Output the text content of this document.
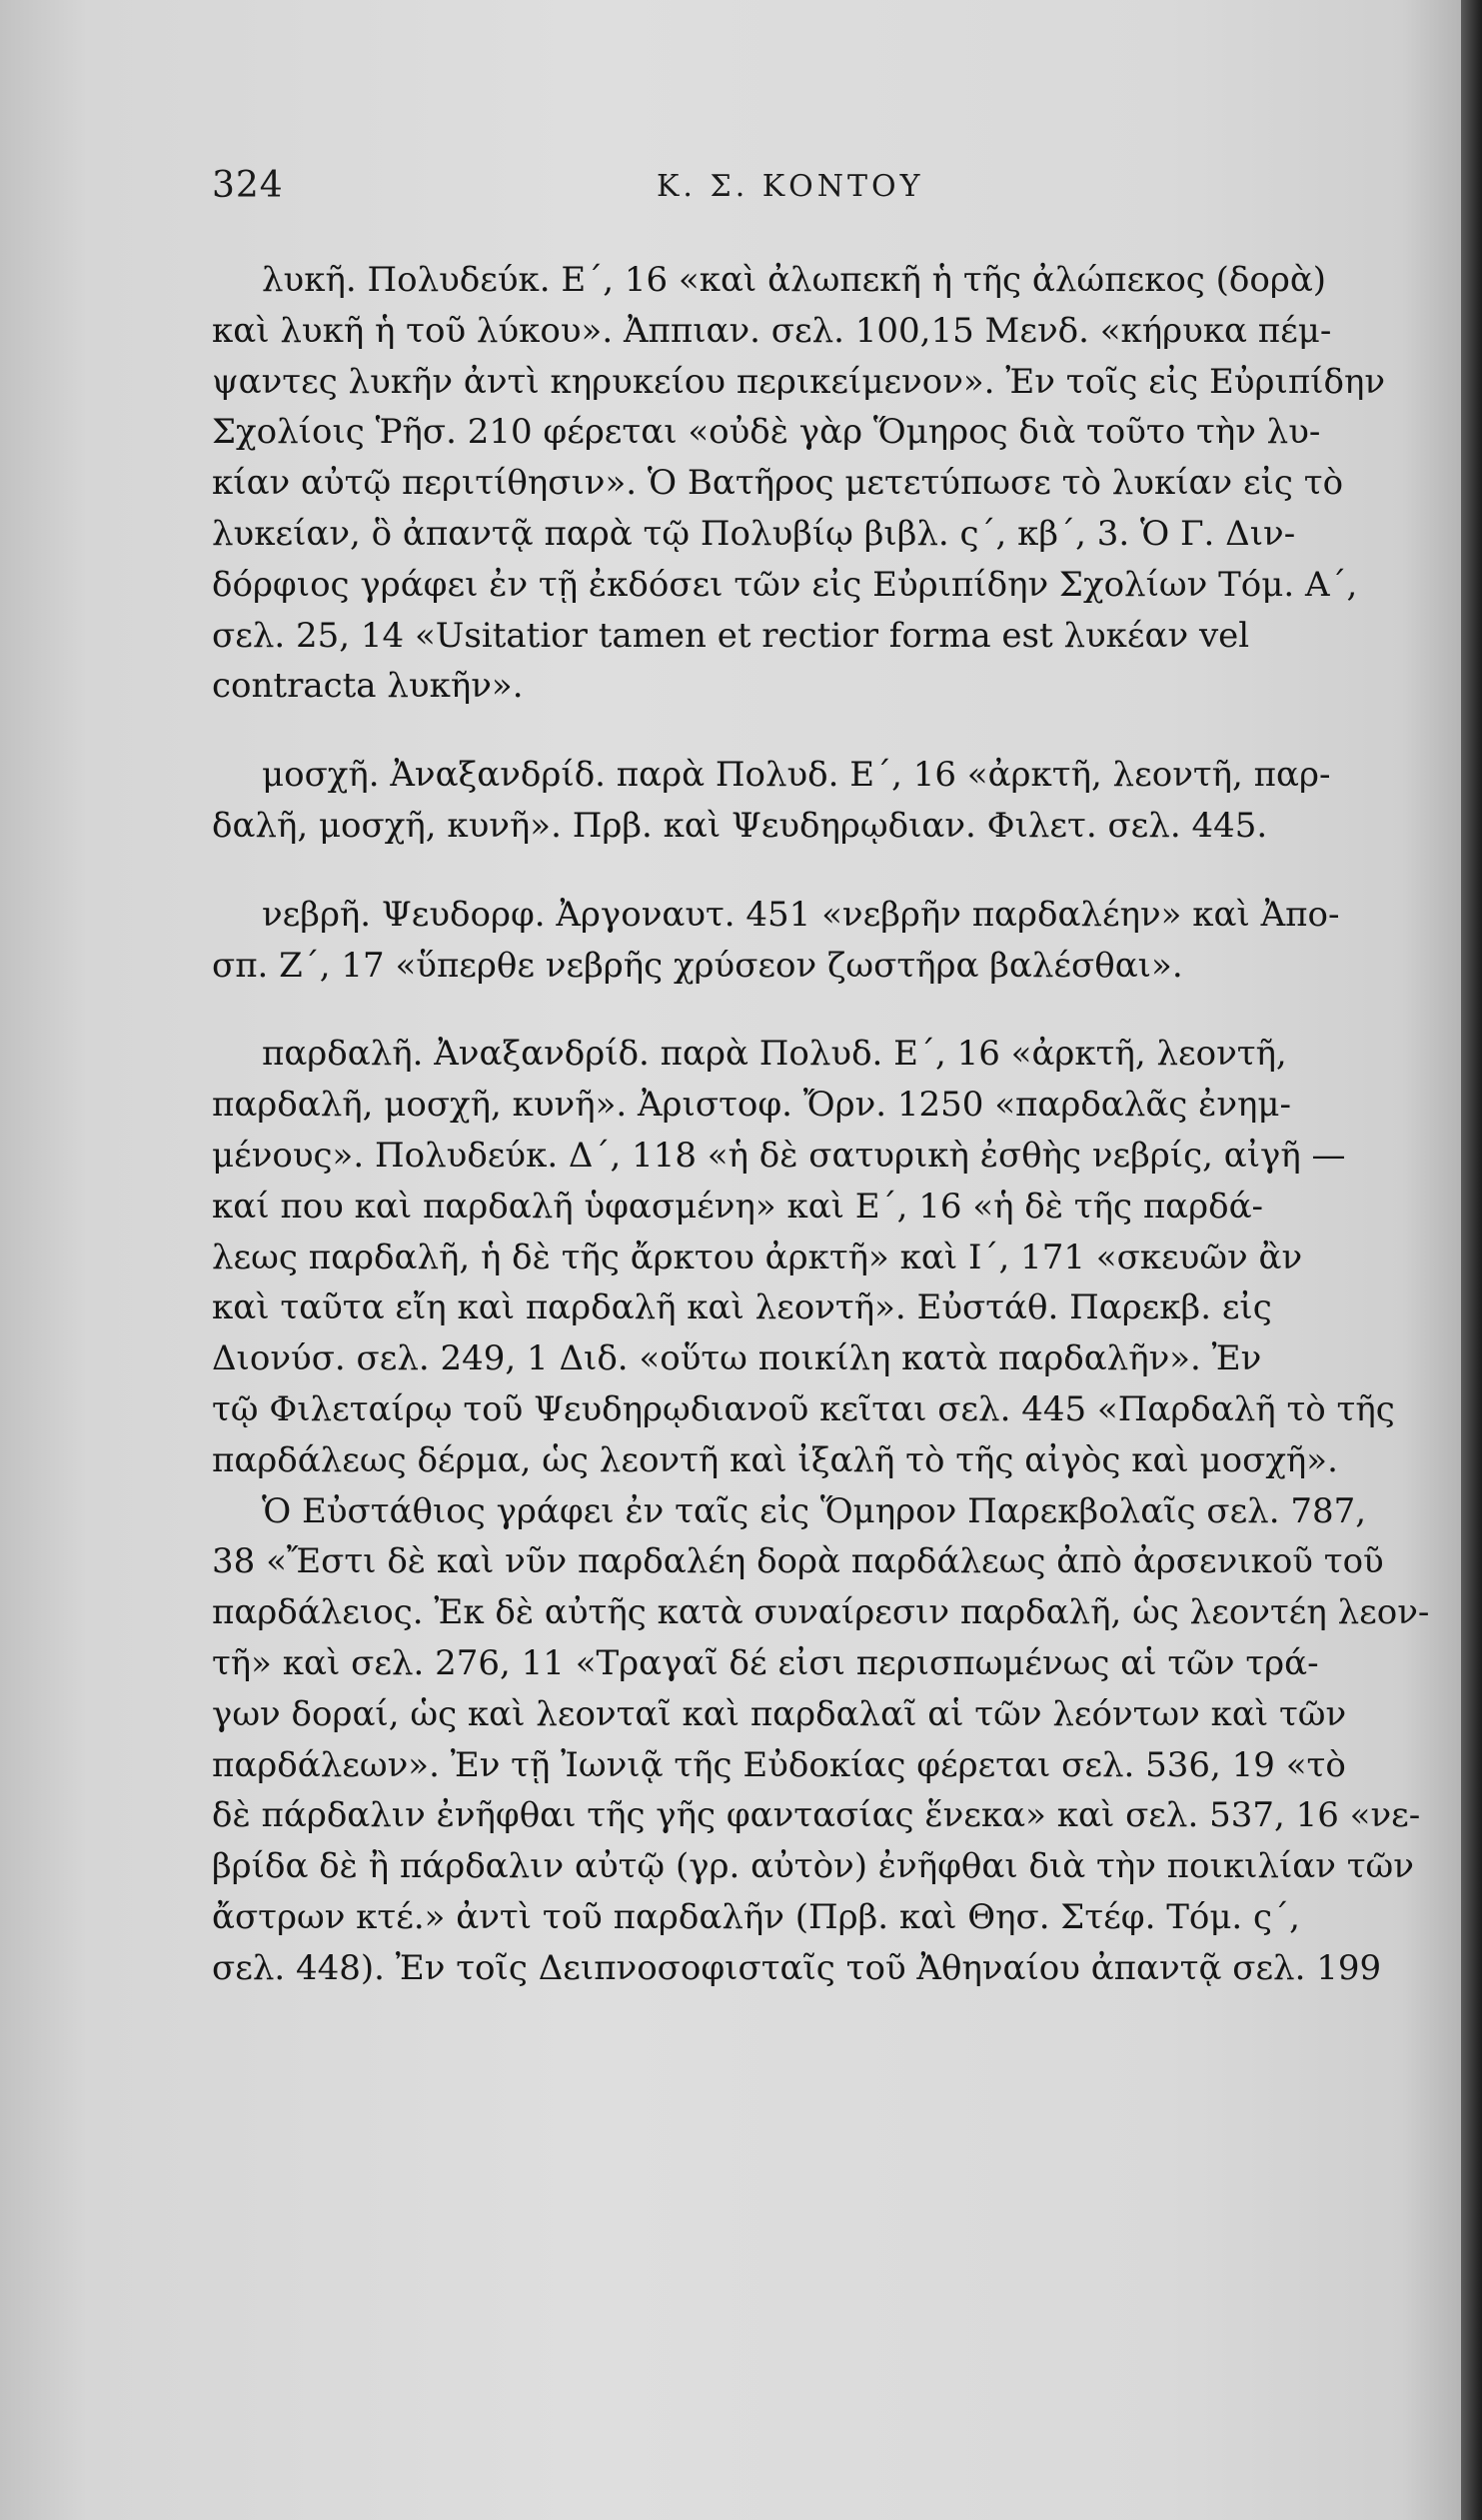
324	Κ. Σ. ΚΟΝΤΟΥ

λυκῆ. Πολυδεύκ. Ε΄, 16 «καὶ ἀλωπεκῆ ἡ τῆς ἀλώπεκος (δορὰ)
καὶ λυκῆ ἡ τοῦ λύκου». Ἀππιαν. σελ. 100,15 Μενδ. «κήρυκα πέμ-
ψαντες λυκῆν ἀντὶ κηρυκείου περικείμενον». Ἐν τοῖς εἰς Εὐριπίδην
Σχολίοις Ῥῆσ. 210 φέρεται «οὐδὲ γὰρ Ὅμηρος διὰ τοῦτο τὴν λυ-
κίαν αὐτῷ περιτίθησιν». Ὁ Βατῆρος μετετύπωσε τὸ λυκίαν εἰς τὸ
λυκείαν, ὃ ἀπαντᾷ παρὰ τῷ Πολυβίῳ βιβλ. ς΄, κβ΄, 3. Ὁ Γ. Διν-
δόρφιος γράφει ἐν τῇ ἐκδόσει τῶν εἰς Εὐριπίδην Σχολίων Τόμ. Α΄,
σελ. 25, 14 «Usitatior tamen et rectior forma est λυκέαν vel
contracta λυκῆν».

μοσχῆ. Ἀναξανδρίδ. παρὰ Πολυδ. Ε΄, 16 «ἀρκτῆ, λεοντῆ, παρ-
δαλῆ, μοσχῆ, κυνῆ». Πρβ. καὶ Ψευδηρῳδιαν. Φιλετ. σελ. 445.

νεβρῆ. Ψευδορφ. Ἀργοναυτ. 451 «νεβρῆν παρδαλέην» καὶ Ἀπο-
σπ. Ζ΄, 17 «ὕπερθε νεβρῆς χρύσεον ζωστῆρα βαλέσθαι».

παρδαλῆ. Ἀναξανδρίδ. παρὰ Πολυδ. Ε΄, 16 «ἀρκτῆ, λεοντῆ,
παρδαλῆ, μοσχῆ, κυνῆ». Ἀριστοφ. Ὄρν. 1250 «παρδαλᾶς ἐνημ-
μένους». Πολυδεύκ. Δ΄, 118 «ἡ δὲ σατυρικὴ ἐσθὴς νεβρίς, αἰγῆ —
καί που καὶ παρδαλῆ ὑφασμένη» καὶ Ε΄, 16 «ἡ δὲ τῆς παρδά-
λεως παρδαλῆ, ἡ δὲ τῆς ἄρκτου ἀρκτῆ» καὶ Ι΄, 171 «σκευῶν ἂν
καὶ ταῦτα εἴη καὶ παρδαλῆ καὶ λεοντῆ». Εὐστάθ. Παρεκβ. εἰς
Διονύσ. σελ. 249, 1 Διδ. «οὕτω ποικίλη κατὰ παρδαλῆν». Ἐν
τῷ Φιλεταίρῳ τοῦ Ψευδηρῳδιανοῦ κεῖται σελ. 445 «Παρδαλῆ τὸ τῆς
παρδάλεως δέρμα, ὡς λεοντῆ καὶ ἰξαλῆ τὸ τῆς αἰγὸς καὶ μοσχῆ».

Ὁ Εὐστάθιος γράφει ἐν ταῖς εἰς Ὅμηρον Παρεκβολαῖς σελ. 787,
38 «Ἔστι δὲ καὶ νῦν παρδαλέη δορὰ παρδάλεως ἀπὸ ἀρσενικοῦ τοῦ
παρδάλειος. Ἐκ δὲ αὐτῆς κατὰ συναίρεσιν παρδαλῆ, ὡς λεοντέη λεον-
τῆ» καὶ σελ. 276, 11 «Τραγαῖ δέ εἰσι περισπωμένως αἱ τῶν τρά-
γων δοραί, ὡς καὶ λεονταῖ καὶ παρδαλαῖ αἱ τῶν λεόντων καὶ τῶν
παρδάλεων». Ἐν τῇ Ἰωνιᾷ τῆς Εὐδοκίας φέρεται σελ. 536, 19 «τὸ
δὲ πάρδαλιν ἐνῆφθαι τῆς γῆς φαντασίας ἕνεκα» καὶ σελ. 537, 16 «νε-
βρίδα δὲ ἢ πάρδαλιν αὐτῷ (γρ. αὐτὸν) ἐνῆφθαι διὰ τὴν ποικιλίαν τῶν
ἄστρων κτέ.» ἀντὶ τοῦ παρδαλῆν (Πρβ. καὶ Θησ. Στέφ. Τόμ. ς΄,
σελ. 448). Ἐν τοῖς Δειπνοσοφισταῖς τοῦ Ἀθηναίου ἀπαντᾷ σελ. 199
